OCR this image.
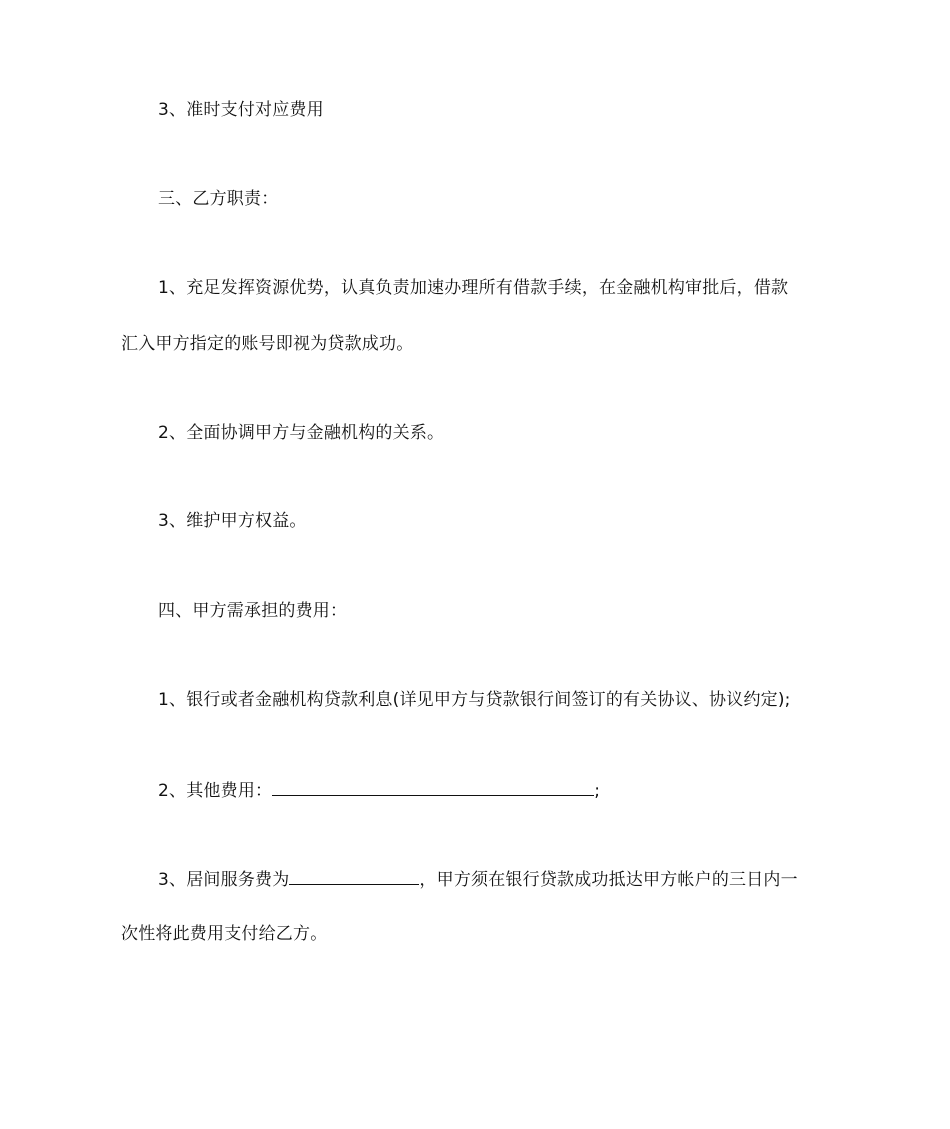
3、准时支付对应费用
三、乙方职责：
1、充足发挥资源优势，认真负责加速办理所有借款手续，在金融机构审批后，借款
汇入甲方指定的账号即视为贷款成功。
2、全面协调甲方与金融机构的关系。
3、维护甲方权益。
四、甲方需承担的费用：
1、银行或者金融机构贷款利息(详见甲方与贷款银行间签订的有关协议、协议约定);
2、其他费用：	;
3、居间服务费为	，甲方须在银行贷款成功抵达甲方帐户的三日内一
次性将此费用支付给乙方。
